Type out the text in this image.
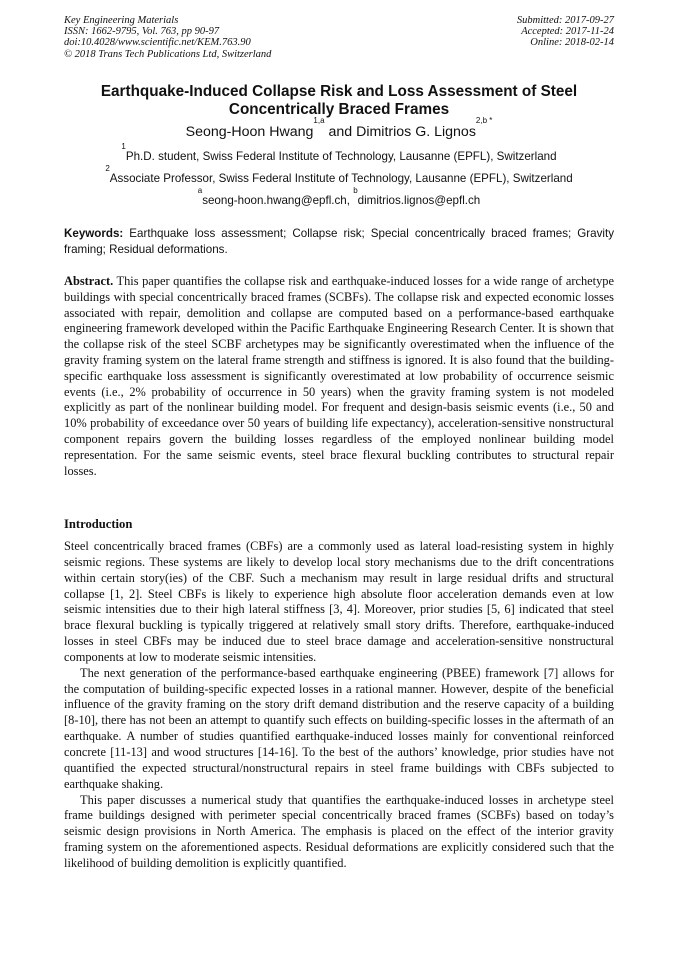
Key Engineering Materials
ISSN: 1662-9795, Vol. 763, pp 90-97
doi:10.4028/www.scientific.net/KEM.763.90
© 2018 Trans Tech Publications Ltd, Switzerland
Submitted: 2017-09-27
Accepted: 2017-11-24
Online: 2018-02-14
Earthquake-Induced Collapse Risk and Loss Assessment of Steel Concentrically Braced Frames
Seong-Hoon Hwang$^{1,a}$ and Dimitrios G. Lignos$^{2,b *}$
$^1$Ph.D. student, Swiss Federal Institute of Technology, Lausanne (EPFL), Switzerland
$^2$Associate Professor, Swiss Federal Institute of Technology, Lausanne (EPFL), Switzerland
$^a$seong-hoon.hwang@epfl.ch, $^b$dimitrios.lignos@epfl.ch
Keywords: Earthquake loss assessment; Collapse risk; Special concentrically braced frames; Gravity framing; Residual deformations.
Abstract. This paper quantifies the collapse risk and earthquake-induced losses for a wide range of archetype buildings with special concentrically braced frames (SCBFs). The collapse risk and expected economic losses associated with repair, demolition and collapse are computed based on a performance-based earthquake engineering framework developed within the Pacific Earthquake Engineering Research Center. It is shown that the collapse risk of the steel SCBF archetypes may be significantly overestimated when the influence of the gravity framing system on the lateral frame strength and stiffness is ignored. It is also found that the building-specific earthquake loss assessment is significantly overestimated at low probability of occurrence seismic events (i.e., 2% probability of occurrence in 50 years) when the gravity framing system is not modeled explicitly as part of the nonlinear building model. For frequent and design-basis seismic events (i.e., 50 and 10% probability of exceedance over 50 years of building life expectancy), acceleration-sensitive nonstructural component repairs govern the building losses regardless of the employed nonlinear building model representation. For the same seismic events, steel brace flexural buckling contributes to structural repair losses.
Introduction

Steel concentrically braced frames (CBFs) are a commonly used as lateral load-resisting system in highly seismic regions. These systems are likely to develop local story mechanisms due to the drift concentrations within certain story(ies) of the CBF. Such a mechanism may result in large residual drifts and structural collapse [1, 2]. Steel CBFs is likely to experience high absolute floor acceleration demands even at low seismic intensities due to their high lateral stiffness [3, 4]. Moreover, prior studies [5, 6] indicated that steel brace flexural buckling is typically triggered at relatively small story drifts. Therefore, earthquake-induced losses in steel CBFs may be induced due to steel brace damage and acceleration-sensitive nonstructural components at low to moderate seismic intensities.

The next generation of the performance-based earthquake engineering (PBEE) framework [7] allows for the computation of building-specific expected losses in a rational manner. However, despite of the beneficial influence of the gravity framing on the story drift demand distribution and the reserve capacity of a building [8-10], there has not been an attempt to quantify such effects on building-specific losses in the aftermath of an earthquake. A number of studies quantified earthquake-induced losses mainly for conventional reinforced concrete [11-13] and wood structures [14-16]. To the best of the authors’ knowledge, prior studies have not quantified the expected structural/nonstructural repairs in steel frame buildings with CBFs subjected to earthquake shaking.

This paper discusses a numerical study that quantifies the earthquake-induced losses in archetype steel frame buildings designed with perimeter special concentrically braced frames (SCBFs) based on today’s seismic design provisions in North America. The emphasis is placed on the effect of the interior gravity framing system on the aforementioned aspects. Residual deformations are explicitly considered such that the likelihood of building demolition is explicitly quantified.
